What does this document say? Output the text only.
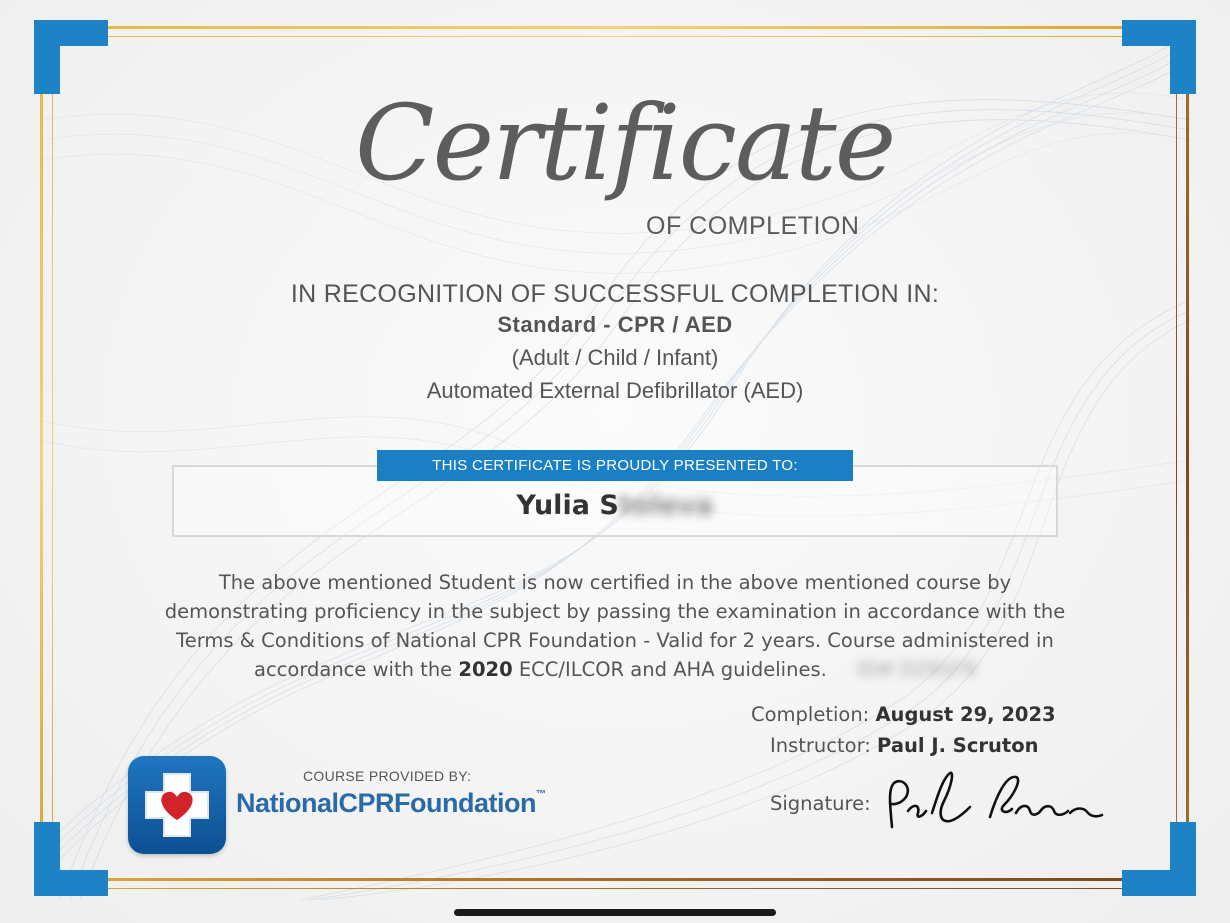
Certificate
OF COMPLETION
IN RECOGNITION OF SUCCESSFUL COMPLETION IN:
Standard - CPR / AED
(Adult / Child / Infant)
Automated External Defibrillator (AED)
THIS CERTIFICATE IS PROUDLY PRESENTED TO:
Yulia Stoleva
The above mentioned Student is now certified in the above mentioned course by
demonstrating proficiency in the subject by passing the examination in accordance with the
Terms & Conditions of National CPR Foundation - Valid for 2 years. Course administered in
accordance with the 2020 ECC/ILCOR and AHA guidelines. ID# D291F9
Completion: August 29, 2023
Instructor: Paul J. Scruton
COURSE PROVIDED BY:
NationalCPRFoundation™	Signature:
